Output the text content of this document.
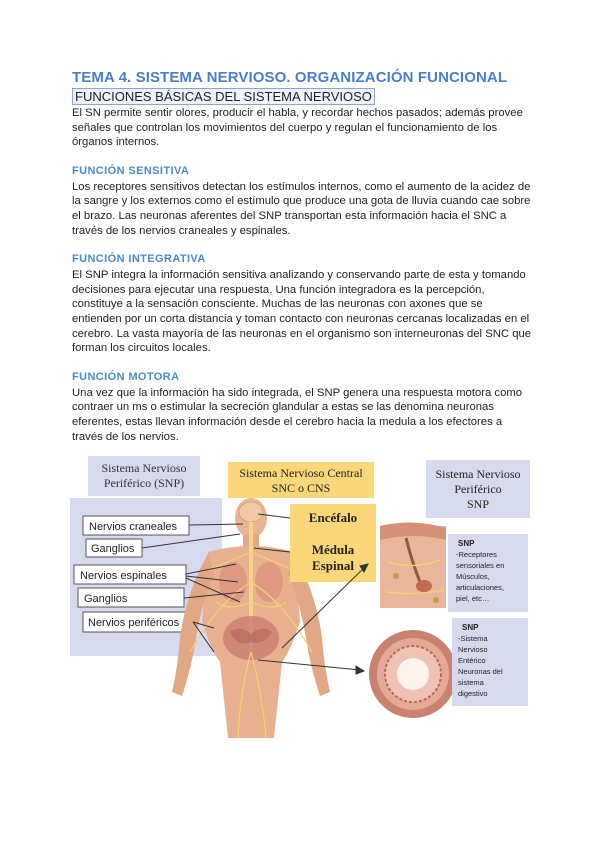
TEMA 4. SISTEMA NERVIOSO. ORGANIZACIÓN FUNCIONAL
FUNCIONES BÁSICAS DEL SISTEMA NERVIOSO

El SN permite sentir olores, producir el habla, y recordar hechos pasados; además provee señales que controlan los movimientos del cuerpo y regulan el funcionamiento de los órganos internos.

FUNCIÓN SENSITIVA

Los receptores sensitivos detectan los estímulos internos, como el aumento de la acidez de la sangre y los externos como el estímulo que produce una gota de lluvia cuando cae sobre el brazo. Las neuronas aferentes del SNP transportan esta información hacia el SNC a través de los nervios craneales y espinales.

FUNCIÓN INTEGRATIVA

El SNP integra la información sensitiva analizando y conservando parte de esta y tomando decisiones para ejecutar una respuesta. Una función integradora es la percepción, constituye a la sensación consciente. Muchas de las neuronas con axones que se entienden por un corta distancia y toman contacto con neuronas cercanas localizadas en el cerebro. La vasta mayoría de las neuronas en el organismo son interneuronas del SNC que forman los circuitos locales.

FUNCIÓN MOTORA

Una vez que la información ha sido integrada, el SNP genera una respuesta motora como contraer un ms o estimular la secreción glandular a estas se las denomina neuronas eferentes, estas llevan información desde el cerebro hacia la medula a los efectores a través de los nervios.

Sistema Nervioso
Periférico (SNP)
Nervios craneales
Ganglios
Nervios espinales
Ganglios
Nervios periféricos
Sistema Nervioso Central
SNC o CNS
Encéfalo
Médula
Espinal
Sistema Nervioso
Periférico
SNP
SNP
-Receptores
sensoriales en
Músculos,
articulaciones,
piel, etc…
SNP
-Sistema
Nervioso
Entérico
Neuronas del
sistema
digestivo
